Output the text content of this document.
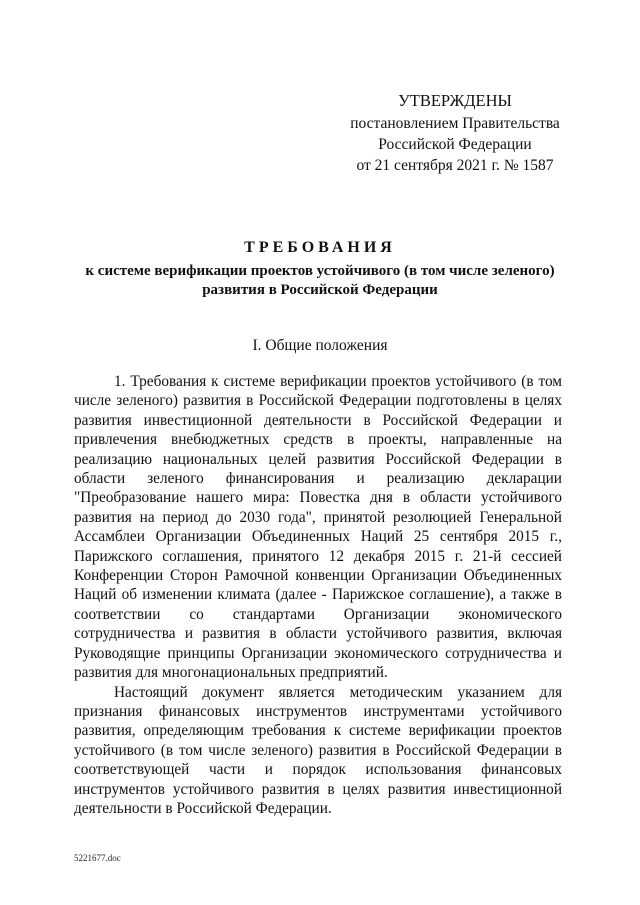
УТВЕРЖДЕНЫ
постановлением Правительства
Российской Федерации
от 21 сентября 2021 г. № 1587
ТРЕБОВАНИЯ
к системе верификации проектов устойчивого (в том числе зеленого) развития в Российской Федерации
I. Общие положения

1. Требования к системе верификации проектов устойчивого (в том числе зеленого) развития в Российской Федерации подготовлены в целях развития инвестиционной деятельности в Российской Федерации и привлечения внебюджетных средств в проекты, направленные на реализацию национальных целей развития Российской Федерации в области зеленого финансирования и реализацию декларации "Преобразование нашего мира: Повестка дня в области устойчивого развития на период до 2030 года", принятой резолюцией Генеральной Ассамблеи Организации Объединенных Наций 25 сентября 2015 г., Парижского соглашения, принятого 12 декабря 2015 г. 21-й сессией Конференции Сторон Рамочной конвенции Организации Объединенных Наций об изменении климата (далее - Парижское соглашение), а также в соответствии со стандартами Организации экономического сотрудничества и развития в области устойчивого развития, включая Руководящие принципы Организации экономического сотрудничества и развития для многонациональных предприятий.

Настоящий документ является методическим указанием для признания финансовых инструментов инструментами устойчивого развития, определяющим требования к системе верификации проектов устойчивого (в том числе зеленого) развития в Российской Федерации в соответствующей части и порядок использования финансовых инструментов устойчивого развития в целях развития инвестиционной деятельности в Российской Федерации.

5221677.doc
